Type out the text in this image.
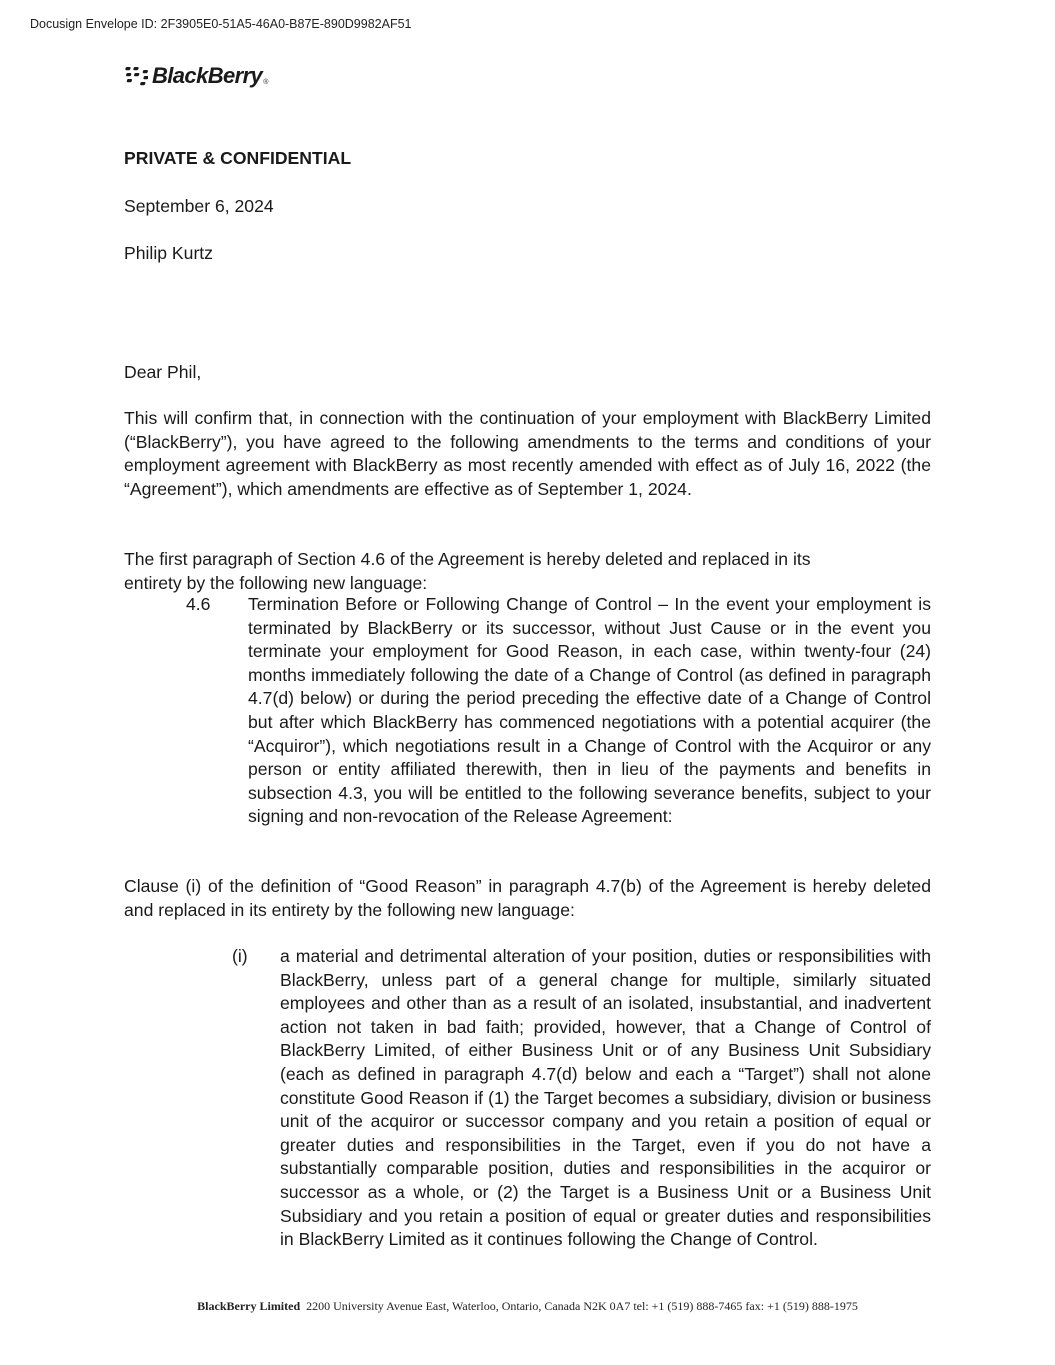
Docusign Envelope ID: 2F3905E0-51A5-46A0-B87E-890D9982AF51
BlackBerry ®
PRIVATE & CONFIDENTIAL
September 6, 2024
Philip Kurtz
Dear Phil,
This will confirm that, in connection with the continuation of your employment with BlackBerry Limited (“BlackBerry”), you have agreed to the following amendments to the terms and conditions of your employment agreement with BlackBerry as most recently amended with effect as of July 16, 2022 (the “Agreement”), which amendments are effective as of September 1, 2024.
The first paragraph of Section 4.6 of the Agreement is hereby deleted and replaced in its
entirety by the following new language:
4.6 Termination Before or Following Change of Control – In the event your employment is terminated by BlackBerry or its successor, without Just Cause or in the event you terminate your employment for Good Reason, in each case, within twenty-four (24) months immediately following the date of a Change of Control (as defined in paragraph 4.7(d) below) or during the period preceding the effective date of a Change of Control but after which BlackBerry has commenced negotiations with a potential acquirer (the “Acquiror”), which negotiations result in a Change of Control with the Acquiror or any person or entity affiliated therewith, then in lieu of the payments and benefits in subsection 4.3, you will be entitled to the following severance benefits, subject to your signing and non-revocation of the Release Agreement:
Clause (i) of the definition of “Good Reason” in paragraph 4.7(b) of the Agreement is hereby deleted and replaced in its entirety by the following new language:
(i) a material and detrimental alteration of your position, duties or responsibilities with BlackBerry, unless part of a general change for multiple, similarly situated employees and other than as a result of an isolated, insubstantial, and inadvertent action not taken in bad faith; provided, however, that a Change of Control of BlackBerry Limited, of either Business Unit or of any Business Unit Subsidiary (each as defined in paragraph 4.7(d) below and each a “Target”) shall not alone constitute Good Reason if (1) the Target becomes a subsidiary, division or business unit of the acquiror or successor company and you retain a position of equal or greater duties and responsibilities in the Target, even if you do not have a substantially comparable position, duties and responsibilities in the acquiror or successor as a whole, or (2) the Target is a Business Unit or a Business Unit Subsidiary and you retain a position of equal or greater duties and responsibilities in BlackBerry Limited as it continues following the Change of Control.
BlackBerry Limited 2200 University Avenue East, Waterloo, Ontario, Canada N2K 0A7 tel: +1 (519) 888-7465 fax: +1 (519) 888-1975
